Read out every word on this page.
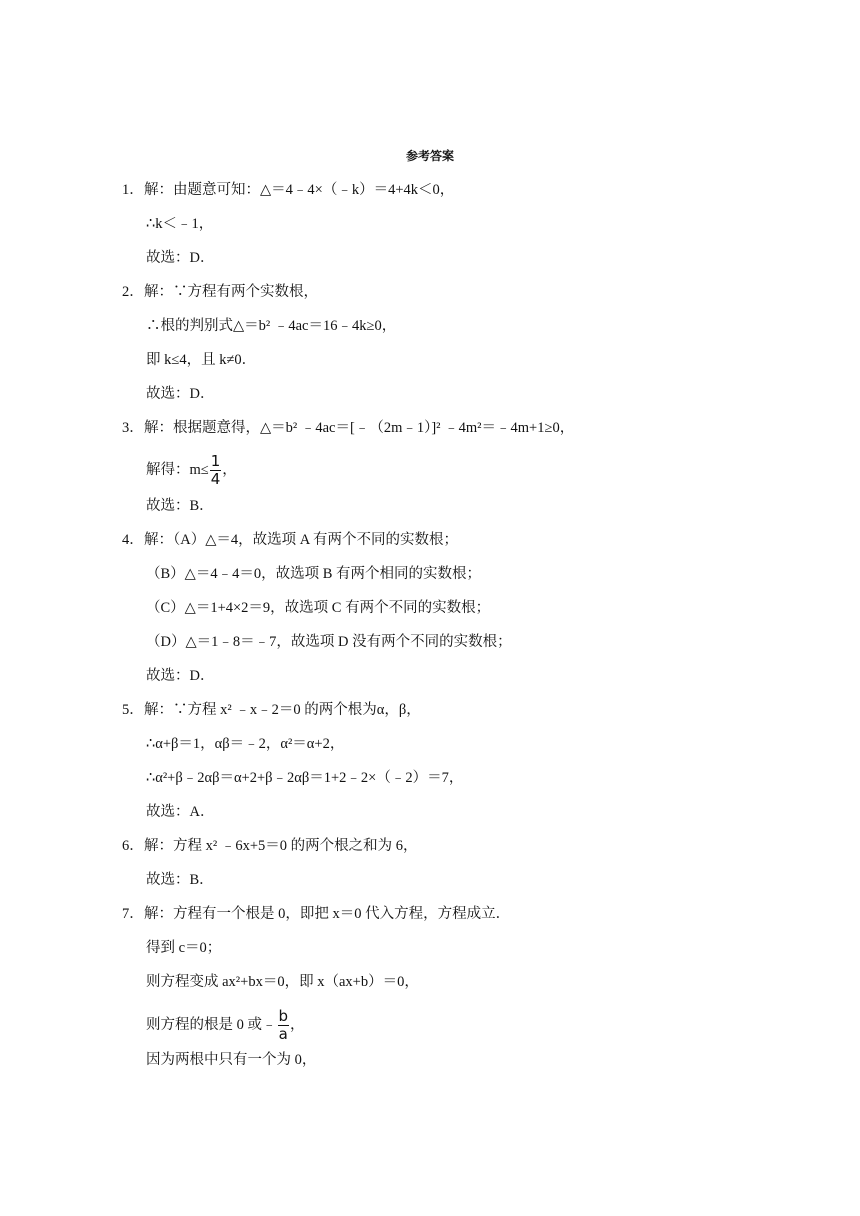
参考答案
1．解：由题意可知：△＝4﹣4×（﹣k）＝4+4k＜0，
∴k＜﹣1，
故选：D．
2．解：∵方程有两个实数根，
∴根的判别式△＝b² ﹣4ac＝16﹣4k≥0，
即 k≤4，且 k≠0．
故选：D．
3．解：根据题意得，△＝b² ﹣4ac＝[﹣（2m﹣1）]² ﹣4m²＝﹣4m+1≥0，
解得：$m\le \frac{1}{4}$ ，
故选：B．
4．解：（A）△＝4，故选项 A 有两个不同的实数根；
（B）△＝4﹣4＝0，故选项 B 有两个相同的实数根；
（C）△＝1+4×2＝9，故选项 C 有两个不同的实数根；
（D）△＝1﹣8＝﹣7，故选项 D 没有两个不同的实数根；
故选：D．
5．解：∵方程 x² ﹣x﹣2＝0 的两个根为α，β，
∴α+β＝1，αβ＝﹣2，α²＝α+2，
∴α²+β﹣2αβ＝α+2+β﹣2αβ＝1+2﹣2×（﹣2）＝7，
故选：A．
6．解：方程 x² ﹣6x+5＝0 的两个根之和为 6，
故选：B．
7．解：方程有一个根是 0，即把 x＝0 代入方程，方程成立．
得到 c＝0；
则方程变成 ax²+bx＝0，即 x（ax+b）＝0，
则方程的根是 0 或﹣ $\frac{b}{a}$ ，
因为两根中只有一个为 0，
